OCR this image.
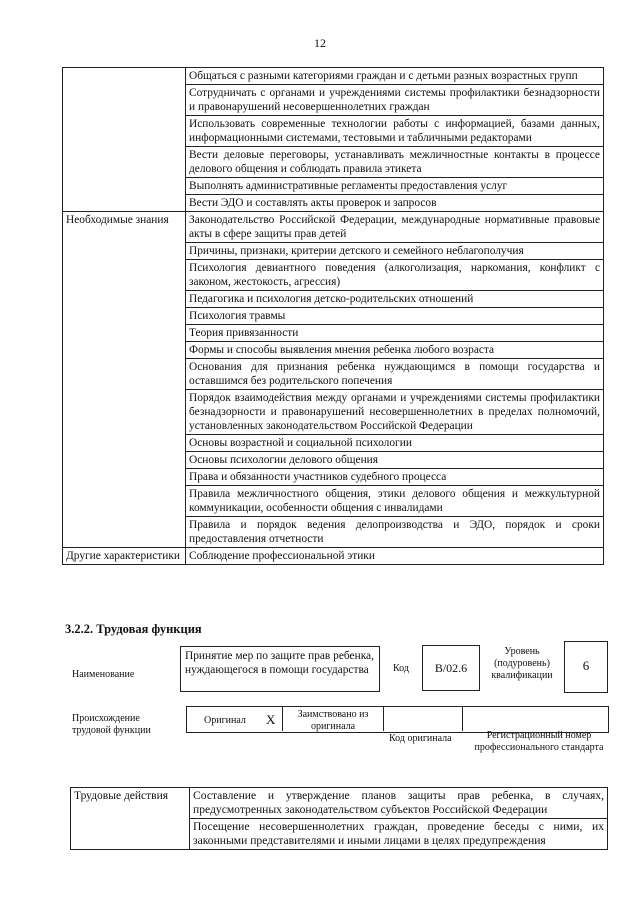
12
	Общаться с разными категориями граждан и с детьми разных возрастных групп
	Сотрудничать с органами и учреждениями системы профилактики безнадзорности и правонарушений несовершеннолетних граждан
	Использовать современные технологии работы с информацией, базами данных, информационными системами, тестовыми и табличными редакторами
	Вести деловые переговоры, устанавливать межличностные контакты в процессе делового общения и соблюдать правила этикета
	Выполнять административные регламенты предоставления услуг
	Вести ЭДО и составлять акты проверок и запросов
Необходимые знания	Законодательство Российской Федерации, международные нормативные правовые акты в сфере защиты прав детей
	Причины, признаки, критерии детского и семейного неблагополучия
	Психология девиантного поведения (алкоголизация, наркомания, конфликт с законом, жестокость, агрессия)
	Педагогика и психология детско-родительских отношений
	Психология травмы
	Теория привязанности
	Формы и способы выявления мнения ребенка любого возраста
	Основания для признания ребенка нуждающимся в помощи государства и оставшимся без родительского попечения
	Порядок взаимодействия между органами и учреждениями системы профилактики безнадзорности и правонарушений несовершеннолетних в пределах полномочий, установленных законодательством Российской Федерации
	Основы возрастной и социальной психологии
	Основы психологии делового общения
	Права и обязанности участников судебного процесса
	Правила межличностного общения, этики делового общения и межкультурной коммуникации, особенности общения с инвалидами
	Правила и порядок ведения делопроизводства и ЭДО, порядок и сроки предоставления отчетности
Другие характеристики	Соблюдение профессиональной этики
3.2.2. Трудовая функция
Наименование
Принятие мер по защите прав ребенка, нуждающегося в помощи государства	Код	В/02.6
Уровень (подуровень) квалификации
6
Происхождение трудовой функции
Оригинал Х	Заимствовано из оригинала
Код оригинала	Регистрационный номер профессионального стандарта
Трудовые действия	Составление и утверждение планов защиты прав ребенка, в случаях, предусмотренных законодательством субъектов Российской Федерации
Посещение несовершеннолетних граждан, проведение беседы с ними, их законными представителями и иными лицами в целях предупреждения
